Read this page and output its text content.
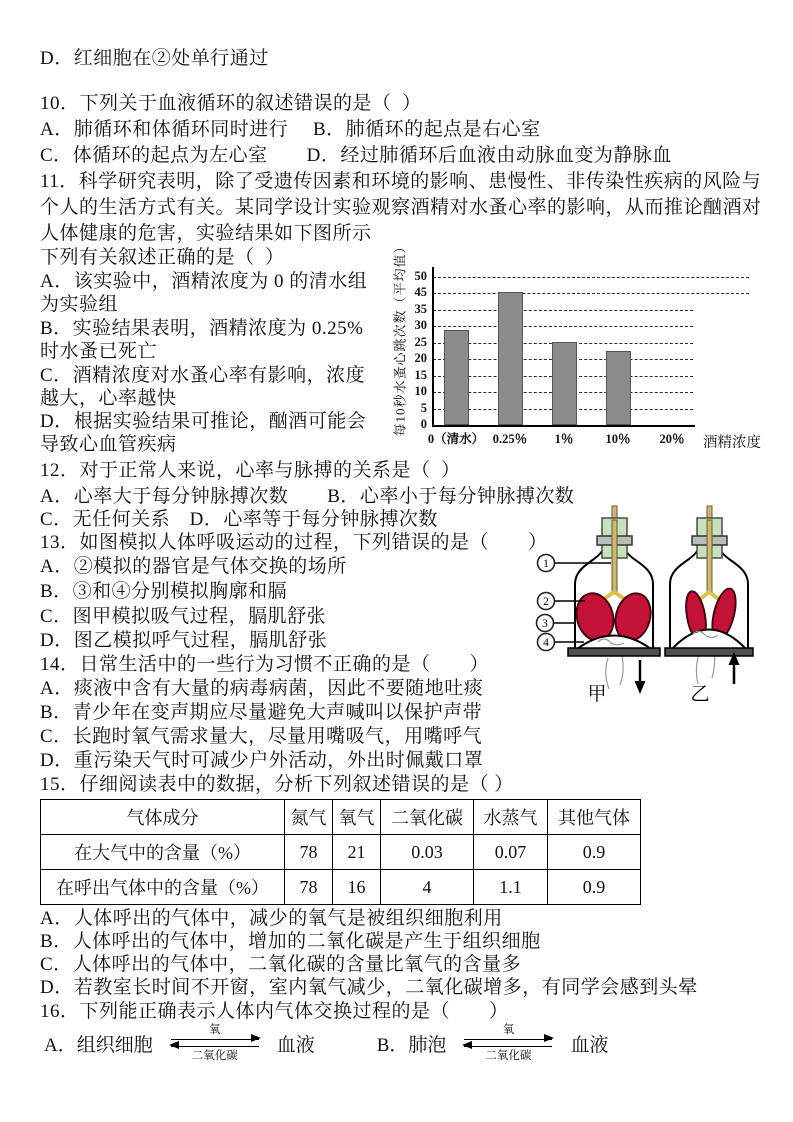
D．红细胞在②处单行通过
10．下列关于血液循环的叙述错误的是（  ）
A．肺循环和体循环同时进行　 B．肺循环的起点是右心室
C．体循环的起点为左心室　　D．经过肺循环后血液由动脉血变为静脉血
11．科学研究表明，除了受遗传因素和环境的影响、患慢性、非传染性疾病的风险与
个人的生活方式有关。某同学设计实验观察酒精对水蚤心率的影响，从而推论酗酒对
人体健康的危害，实验结果如下图所示
下列有关叙述正确的是（  ）
A．该实验中，酒精浓度为 0 的清水组
为实验组
B．实验结果表明，酒精浓度为 0.25%
时水蚤已死亡
C．酒精浓度对水蚤心率有影响，浓度
越大，心率越快
D．根据实验结果可推论，酗酒可能会
导致心血管疾病
12．对于正常人来说，心率与脉搏的关系是（  ）
A．心率大于每分钟脉搏次数　　B．心率小于每分钟脉搏次数
C．无任何关系　D．心率等于每分钟脉搏次数
13．如图模拟人体呼吸运动的过程，下列错误的是（　　）
A．②模拟的器官是气体交换的场所
B．③和④分别模拟胸廓和膈
C．图甲模拟吸气过程，膈肌舒张
D．图乙模拟呼气过程，膈肌舒张
14．日常生活中的一些行为习惯不正确的是（　　）
A．痰液中含有大量的病毒病菌，因此不要随地吐痰
B．青少年在变声期应尽量避免大声喊叫以保护声带
C．长跑时氧气需求量大，尽量用嘴吸气，用嘴呼气
D．重污染天气时可减少户外活动，外出时佩戴口罩
15．仔细阅读表中的数据，分析下列叙述错误的是（ ）
A．人体呼出的气体中，减少的氧气是被组织细胞利用
B．人体呼出的气体中，增加的二氧化碳是产生于组织细胞
C．人体呼出的气体中，二氧化碳的含量比氧气的含量多
D．若教室长时间不开窗，室内氧气减少，二氧化碳增多，有同学会感到头晕
16．下列能正确表示人体内气体交换过程的是（　　）
每10秒水蚤心跳次数（平均值） 50
45
35
30
25
20
15
10
5
0
0（清水） 0.25％	1％	10％	20％	酒精浓度
气体成分	氮气	氧气	二氧化碳	水蒸气	其他气体
在大气中的含量（%）	78	21	0.03	0.07	0.9
在呼出气体中的含量（%）	78	16	4	1.1	0.9
甲	乙
1
2
3
4
A．组织细胞
氧
二氧化碳
血液	B．肺泡
氧
二氧化碳
血液
